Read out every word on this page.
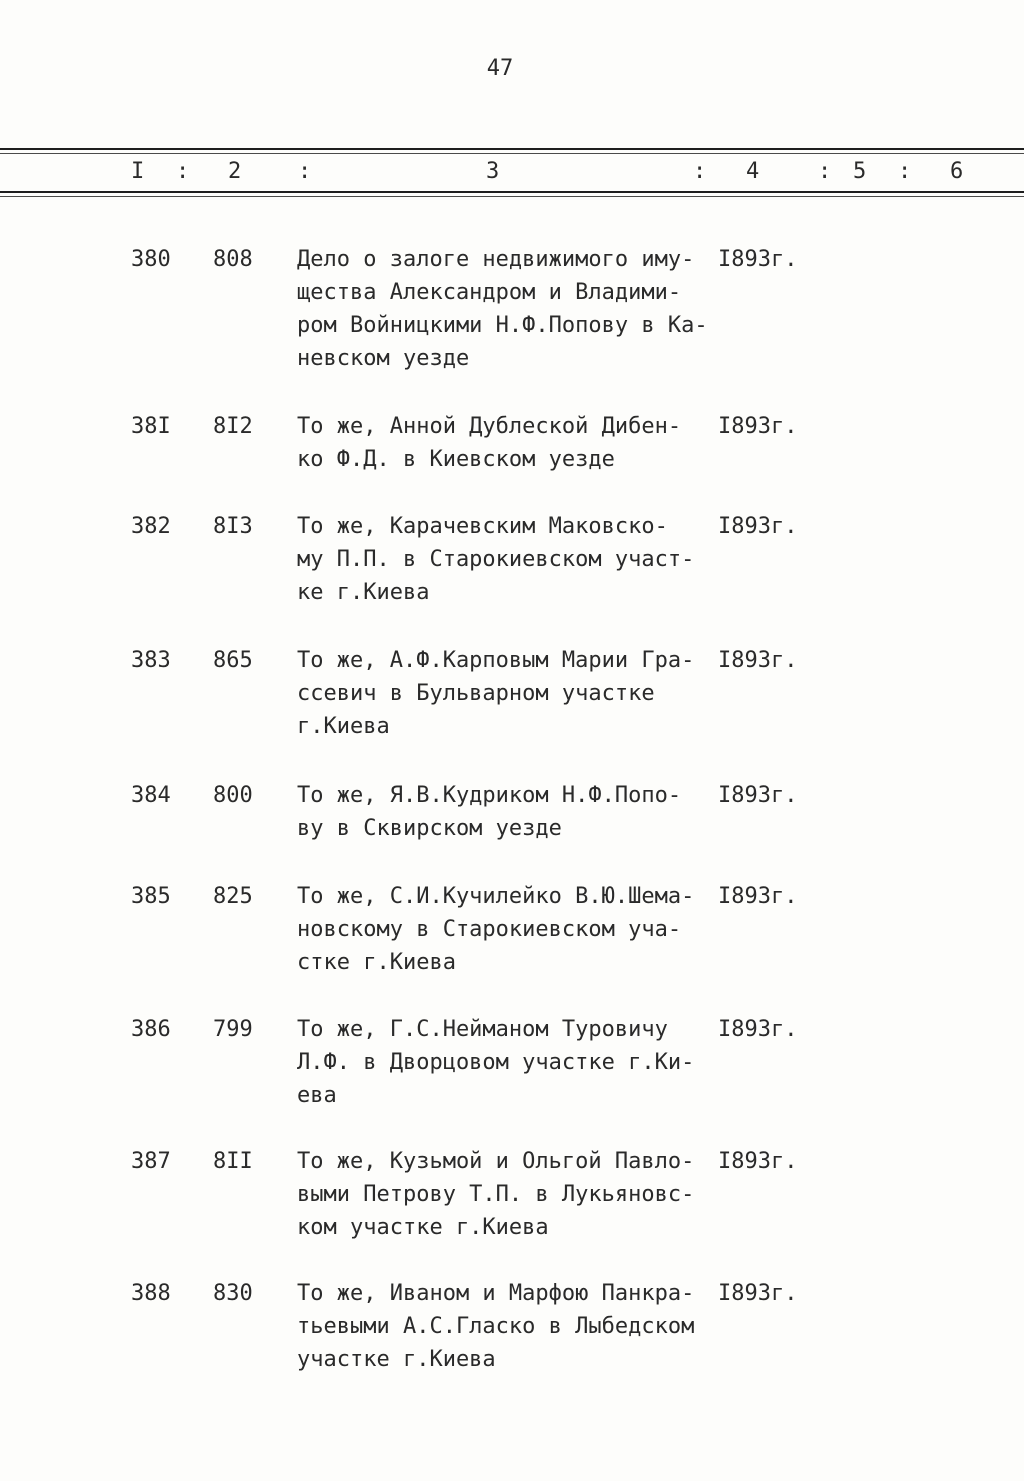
47
I : 2	:	3	: 4	: 5 : 6
380 808 Дело о залоге недвижимого иму-
щества Александром и Владими-
ром Войницкими Н.Ф.Попову в Ка-
невском уезде
I893г.
38I 8I2 То же, Анной Дублеской Дибен-
ко Ф.Д. в Киевском уезде
I893г.
382 8I3 То же, Карачевским Маковско-
му П.П. в Старокиевском участ-
ке г.Киева
I893г.
383 865 То же, А.Ф.Карповым Марии Гра-
ссевич в Бульварном участке
г.Киева
I893г.
384 800 То же, Я.В.Кудриком Н.Ф.Попо-
ву в Сквирском уезде
I893г.
385 825 То же, С.И.Кучилейко В.Ю.Шема-
новскому в Старокиевском уча-
стке г.Киева
I893г.
386 799 То же, Г.С.Нейманом Туровичу
Л.Ф. в Дворцовом участке г.Ки-
ева
I893г.
387 8II То же, Кузьмой и Ольгой Павло-
выми Петрову Т.П. в Лукьяновс-
ком участке г.Киева
I893г.
388 830 То же, Иваном и Марфою Панкра-
тьевыми А.С.Гласко в Лыбедском
участке г.Киева
I893г.
